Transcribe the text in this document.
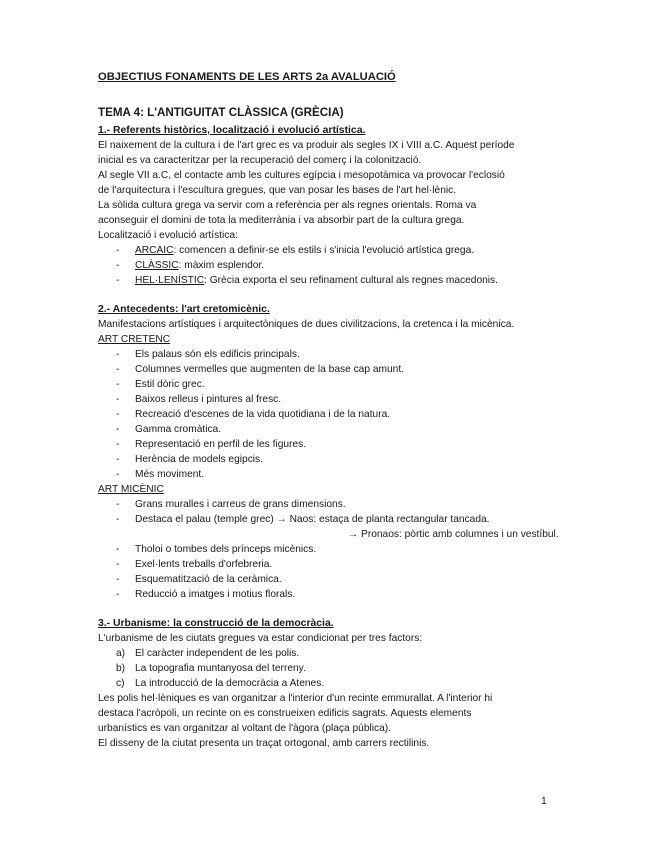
OBJECTIUS FONAMENTS DE LES ARTS 2a AVALUACIÓ
TEMA 4: L'ANTIGUITAT CLÀSSICA (GRÈCIA)
1.- Referents històrics, localització i evolució artística.
El naixement de la cultura i de l'art grec es va produir als segles IX i VIII a.C. Aquest període
inicial es va caracteritzar per la recuperació del comerç i la colonització.
Al segle VII a.C, el contacte amb les cultures egípcia i mesopotàmica va provocar l'eclosió
de l'arquitectura i l'escultura gregues, que van posar les bases de l'art hel·lènic.
La sòlida cultura grega va servir com a referència per als regnes orientals. Roma va
aconseguir el domini de tota la mediterrània i va absorbir part de la cultura grega.
Localització i evolució artística:
-	ARCAIC: comencen a definir-se els estils i s'inicia l'evolució artística grega.
-	CLÀSSIC: màxim esplendor.
-	HEL·LENÍSTIC: Grècia exporta el seu refinament cultural als regnes macedonis.
2.- Antecedents: l'art cretomicènic.
Manifestacions artístiques i arquitectòniques de dues civilitzacions, la cretenca i la micènica.
ART CRETENC
-	Els palaus són els edificis principals.
-	Columnes vermelles que augmenten de la base cap amunt.
-	Estil dòric grec.
-	Baixos relleus i pintures al fresc.
-	Recreació d'escenes de la vida quotidiana i de la natura.
-	Gamma cromàtica.
-	Representació en perfil de les figures.
-	Herència de models egipcis.
-	Més moviment.
ART MICÈNIC
-	Grans muralles i carreus de grans dimensions.
-	Destaca el palau (temple grec) → Naos: estaça de planta rectangular tancada.
→ Pronaos: pòrtic amb columnes i un vestíbul.
-	Tholoi o tombes dels prínceps micènics.
-	Exel·lents treballs d'orfebreria.
-	Esquematització de la ceràmica.
-	Reducció a imatges i motius florals.
3.- Urbanisme: la construcció de la democràcia.
L'urbanisme de les ciutats gregues va estar condicionat per tres factors:
a) El caràcter independent de les polis.
b) La topografia muntanyosa del terreny.
c) La introducció de la democràcia a Atenes.
Les polis hel·lèniques es van organitzar a l'interior d'un recinte emmurallat. A l'interior hi
destaca l'acròpoli, un recinte on es construeixen edificis sagrats. Aquests elements
urbanístics es van organitzar al voltant de l'àgora (plaça pública).
El disseny de la ciutat presenta un traçat ortogonal, amb carrers rectilinis.
1
